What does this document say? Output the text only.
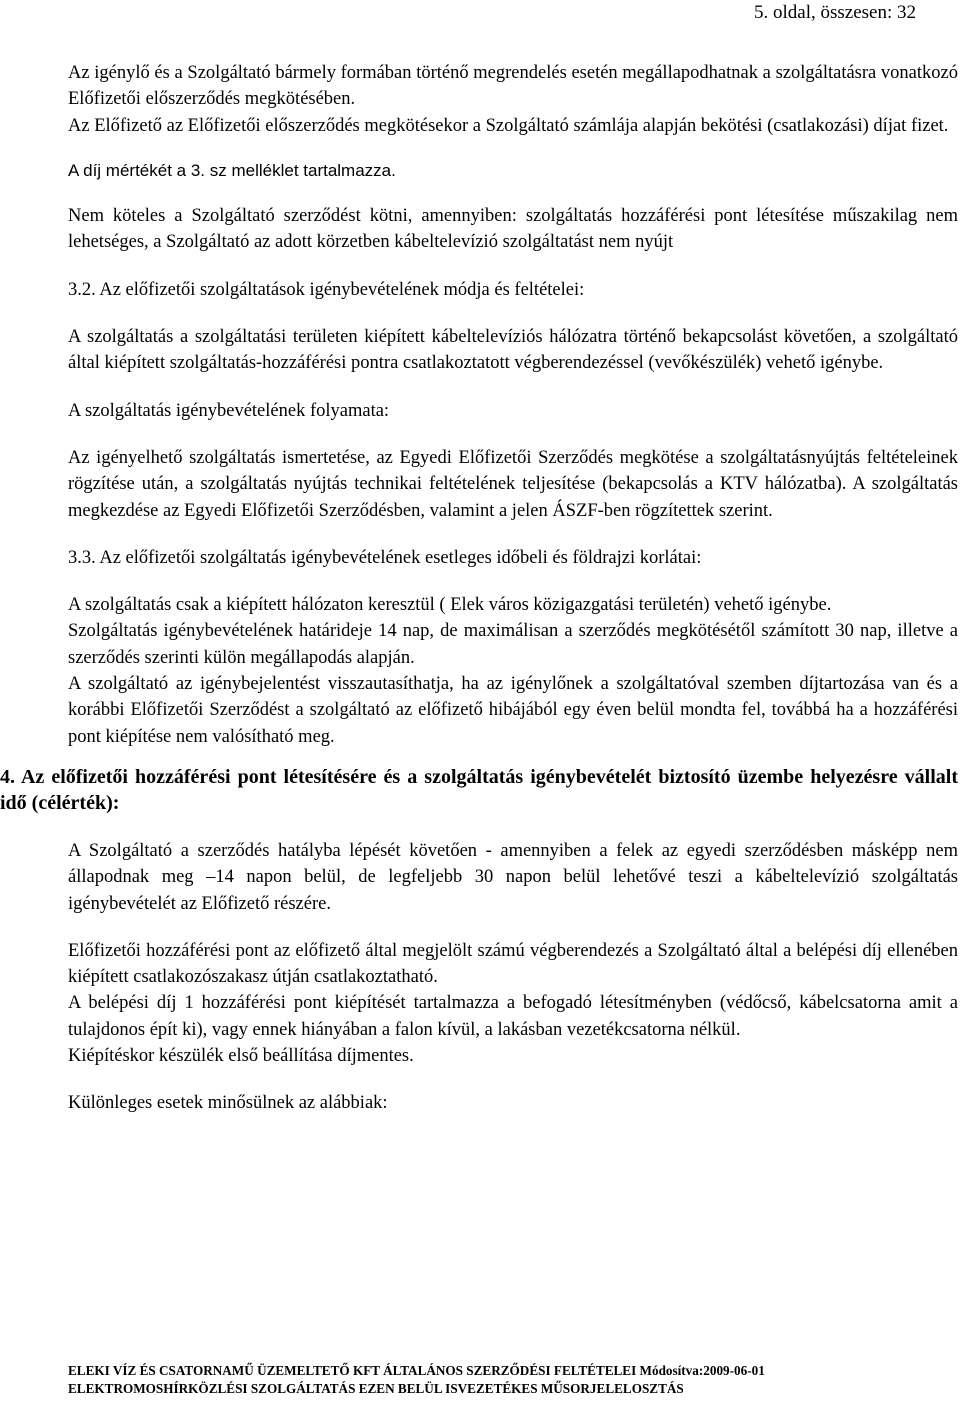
5. oldal, összesen: 32

Az igénylő és a Szolgáltató bármely formában történő megrendelés esetén megállapodhatnak a szolgáltatásra vonatkozó Előfizetői előszerződés megkötésében.

Az Előfizető az Előfizetői előszerződés megkötésekor a Szolgáltató számlája alapján bekötési (csatlakozási) díjat fizet.

A díj mértékét a 3. sz melléklet tartalmazza.

Nem köteles a Szolgáltató szerződést kötni, amennyiben: szolgáltatás hozzáférési pont létesítése műszakilag nem lehetséges, a Szolgáltató az adott körzetben kábeltelevízió szolgáltatást nem nyújt

3.2. Az előfizetői szolgáltatások igénybevételének módja és feltételei:

A szolgáltatás a szolgáltatási területen kiépített kábeltelevíziós hálózatra történő bekapcsolást követően, a szolgáltató által kiépített szolgáltatás-hozzáférési pontra csatlakoztatott végberendezéssel (vevőkészülék) vehető igénybe.

A szolgáltatás igénybevételének folyamata:

Az igényelhető szolgáltatás ismertetése, az Egyedi Előfizetői Szerződés megkötése a szolgáltatásnyújtás feltételeinek rögzítése után, a szolgáltatás nyújtás technikai feltételének teljesítése (bekapcsolás a KTV hálózatba). A szolgáltatás megkezdése az Egyedi Előfizetői Szerződésben, valamint a jelen ÁSZF-ben rögzítettek szerint.

3.3. Az előfizetői szolgáltatás igénybevételének esetleges időbeli és földrajzi korlátai:

A szolgáltatás csak a kiépített hálózaton keresztül ( Elek város közigazgatási területén) vehető igénybe.

Szolgáltatás igénybevételének határideje 14 nap, de maximálisan a szerződés megkötésétől számított 30 nap, illetve a szerződés szerinti külön megállapodás alapján.

A szolgáltató az igénybejelentést visszautasíthatja, ha az igénylőnek a szolgáltatóval szemben díjtartozása van és a korábbi Előfizetői Szerződést a szolgáltató az előfizető hibájából egy éven belül mondta fel, továbbá ha a hozzáférési pont kiépítése nem valósítható meg.

4. Az előfizetői hozzáférési pont létesítésére és a szolgáltatás igénybevételét biztosító üzembe helyezésre vállalt idő (célérték):

A Szolgáltató a szerződés hatályba lépését követően - amennyiben a felek az egyedi szerződésben másképp nem állapodnak meg –14 napon belül, de legfeljebb 30 napon belül lehetővé teszi a kábeltelevízió szolgáltatás igénybevételét az Előfizető részére.

Előfizetői hozzáférési pont az előfizető által megjelölt számú végberendezés a Szolgáltató által a belépési díj ellenében kiépített csatlakozószakasz útján csatlakoztatható.

A belépési díj 1 hozzáférési pont kiépítését tartalmazza a befogadó létesítményben (védőcső, kábelcsatorna amit a tulajdonos épít ki), vagy ennek hiányában a falon kívül, a lakásban vezetékcsatorna nélkül.

Kiépítéskor készülék első beállítása díjmentes.

Különleges esetek minősülnek az alábbiak:

ELEKI VÍZ ÉS CSATORNAMŰ ÜZEMELTETŐ KFT ÁLTALÁNOS SZERZŐDÉSI FELTÉTELEI Módosítva:2009-06-01
ELEKTROMOSHÍRKÖZLÉSI SZOLGÁLTATÁS EZEN BELÜL ISVEZETÉKES MŰSORJELELOSZTÁS
